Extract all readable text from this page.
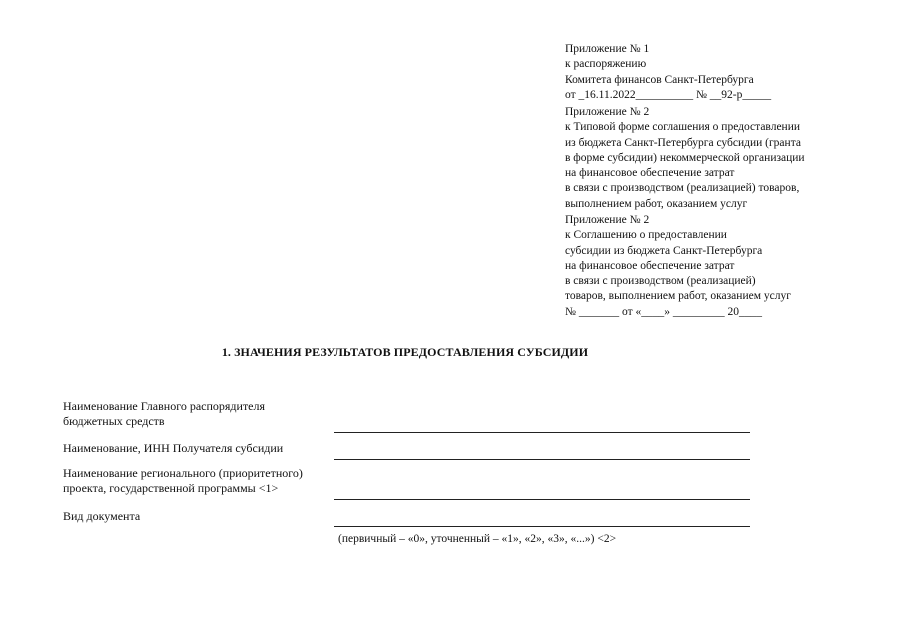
Приложение № 1
к распоряжению
Комитета финансов Санкт-Петербурга
от _16.11.2022__________ № __92-р_____
Приложение № 2
к Типовой форме соглашения о предоставлении
из бюджета Санкт-Петербурга субсидии (гранта
в форме субсидии) некоммерческой организации
на финансовое обеспечение затрат
в связи с производством (реализацией) товаров,
выполнением работ, оказанием услуг
Приложение № 2
к Соглашению о предоставлении
субсидии из бюджета Санкт-Петербурга
на финансовое обеспечение затрат
в связи с производством (реализацией)
товаров, выполнением работ, оказанием услуг
№ _______ от «____» _________ 20____
1. ЗНАЧЕНИЯ РЕЗУЛЬТАТОВ ПРЕДОСТАВЛЕНИЯ СУБСИДИИ
Наименование Главного распорядителя
бюджетных средств
Наименование, ИНН Получателя субсидии
Наименование регионального (приоритетного)
проекта, государственной программы <1>
Вид документа
(первичный – «0», уточненный – «1», «2», «3», «...») <2>
